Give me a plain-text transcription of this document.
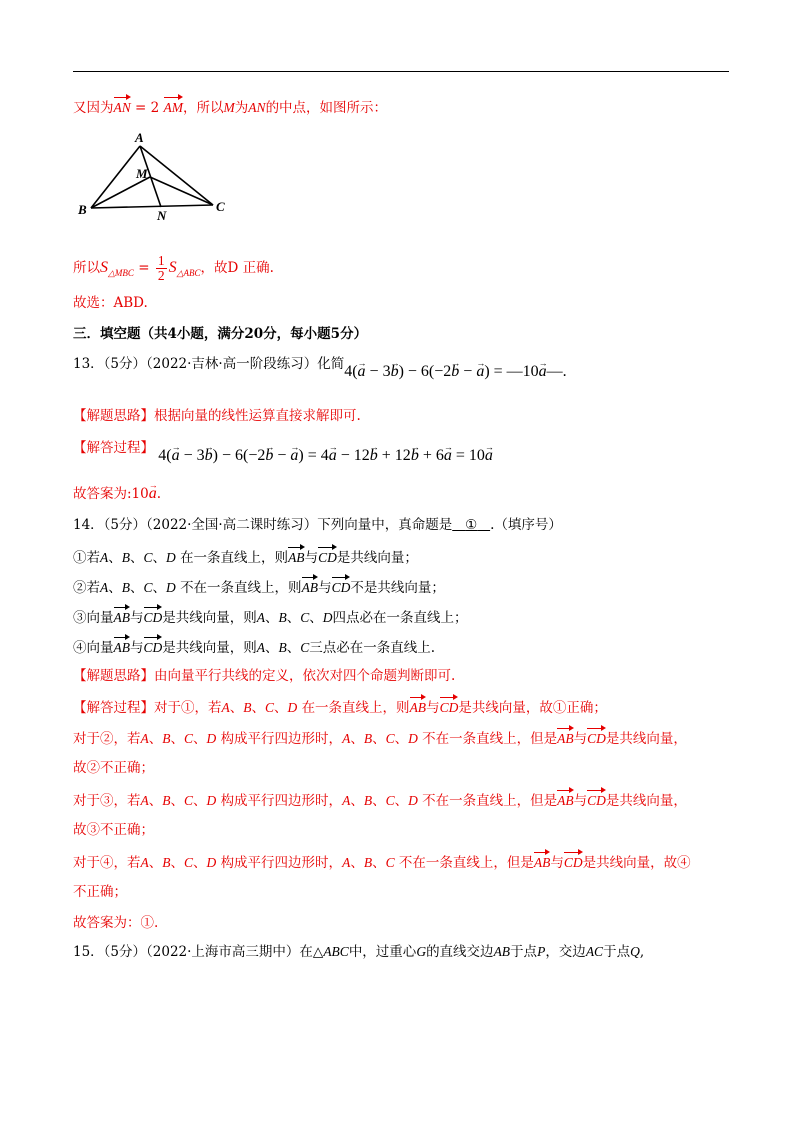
又因为AN = 2 AM，所以M为AN的中点，如图所示：
A
M
B	N
C
所以$S_{\triangle MBC} = \frac{1}{2} S_{\triangle ABC}$，故D 正确.
故选：ABD.
三．填空题（共4小题，满分20分，每小题5分）
13．（5分）（2022·吉林·高一阶段练习）化简4(→ a − 3→ b) − 6(−2→ b − → a) = —10→ a—.
【解题思路】根据向量的线性运算直接求解即可.
【解答过程】 4(→ a − 3→ b) − 6(−2→ b − → a) = 4→ a − 12→ b + 12→ b + 6→ a = 10→ a
故答案为:10→ a.
14．（5分）（2022·全国·高二课时练习）下列向量中，真命题是 ① .（填序号）
①若A、B、C、D 在一条直线上，则AB与CD是共线向量；
②若A、B、C、D 不在一条直线上，则AB与CD不是共线向量；
③向量AB与CD是共线向量，则A、B、C、D四点必在一条直线上；
④向量AB与CD是共线向量，则A、B、C三点必在一条直线上.
【解题思路】由向量平行共线的定义，依次对四个命题判断即可.
【解答过程】对于①，若A、B、C、D 在一条直线上，则AB与CD是共线向量，故①正确；
对于②，若A、B、C、D 构成平行四边形时，A、B、C、D 不在一条直线上，但是AB与CD是共线向量，
故②不正确；
对于③，若A、B、C、D 构成平行四边形时，A、B、C、D 不在一条直线上，但是AB与CD是共线向量，
故③不正确；
对于④，若A、B、C、D 构成平行四边形时，A、B、C 不在一条直线上，但是AB与CD是共线向量，故④
不正确；
故答案为：①.
15．（5分）（2022·上海市高三期中）在△ABC中，过重心G的直线交边AB于点P，交边AC于点Q,
